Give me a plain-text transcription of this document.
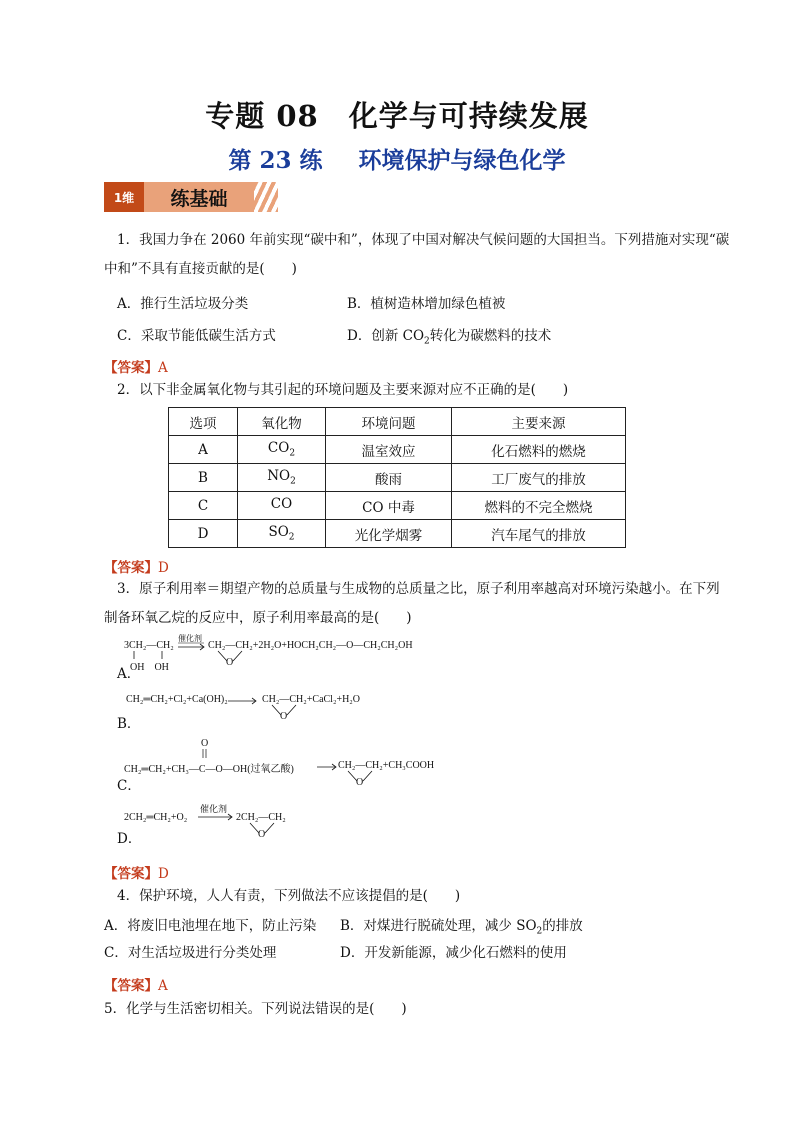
专题 08　化学与可持续发展
第 23 练 环境保护与绿色化学
1维	练基础
1．我国力争在 2060 年前实现“碳中和”，体现了中国对解决气候问题的大国担当。下列措施对实现“碳
中和”不具有直接贡献的是(　　)
A．推行生活垃圾分类	B．植树造林增加绿色植被
C．采取节能低碳生活方式	D．创新 $CO_2$转化为碳燃料的技术
【答案】A
2．以下非金属氧化物与其引起的环境问题及主要来源对应不正确的是(　　)
选项	氧化物	环境问题	主要来源
A	$CO_2$	温室效应	化石燃料的燃烧
B	$NO_2$	酸雨	工厂废气的排放
C	CO	CO 中毒	燃料的不完全燃烧
D	$SO_2$	光化学烟雾	汽车尾气的排放
【答案】D
3．原子利用率＝期望产物的总质量与生成物的总质量之比，原子利用率越高对环境污染越小。在下列
制备环氧乙烷的反应中，原子利用率最高的是(　　)
3CH₂—CH₂
OH　OH
催化剂
CH₂—CH₂+2H₂O+HOCH₂CH₂—O—CH₂CH₂OH
O
A．
CH₂═CH₂+Cl₂+Ca(OH)₂ → CH₂—CH₂+CaCl₂+H₂O
O
B．
O
CH₂═CH₂+CH₃—C—O—OH(过氧乙酸) →
CH₂—CH₂+CH₃COOH
O
C．
2CH₂═CH₂+O₂
催化剂
→ 2CH₂—CH₂
O
D．
【答案】D
4．保护环境，人人有责，下列做法不应该提倡的是(　　)
A．将废旧电池埋在地下，防止污染 B．对煤进行脱硫处理，减少 $SO_2$的排放
C．对生活垃圾进行分类处理	D．开发新能源，减少化石燃料的使用
【答案】A
5．化学与生活密切相关。下列说法错误的是(　　)
